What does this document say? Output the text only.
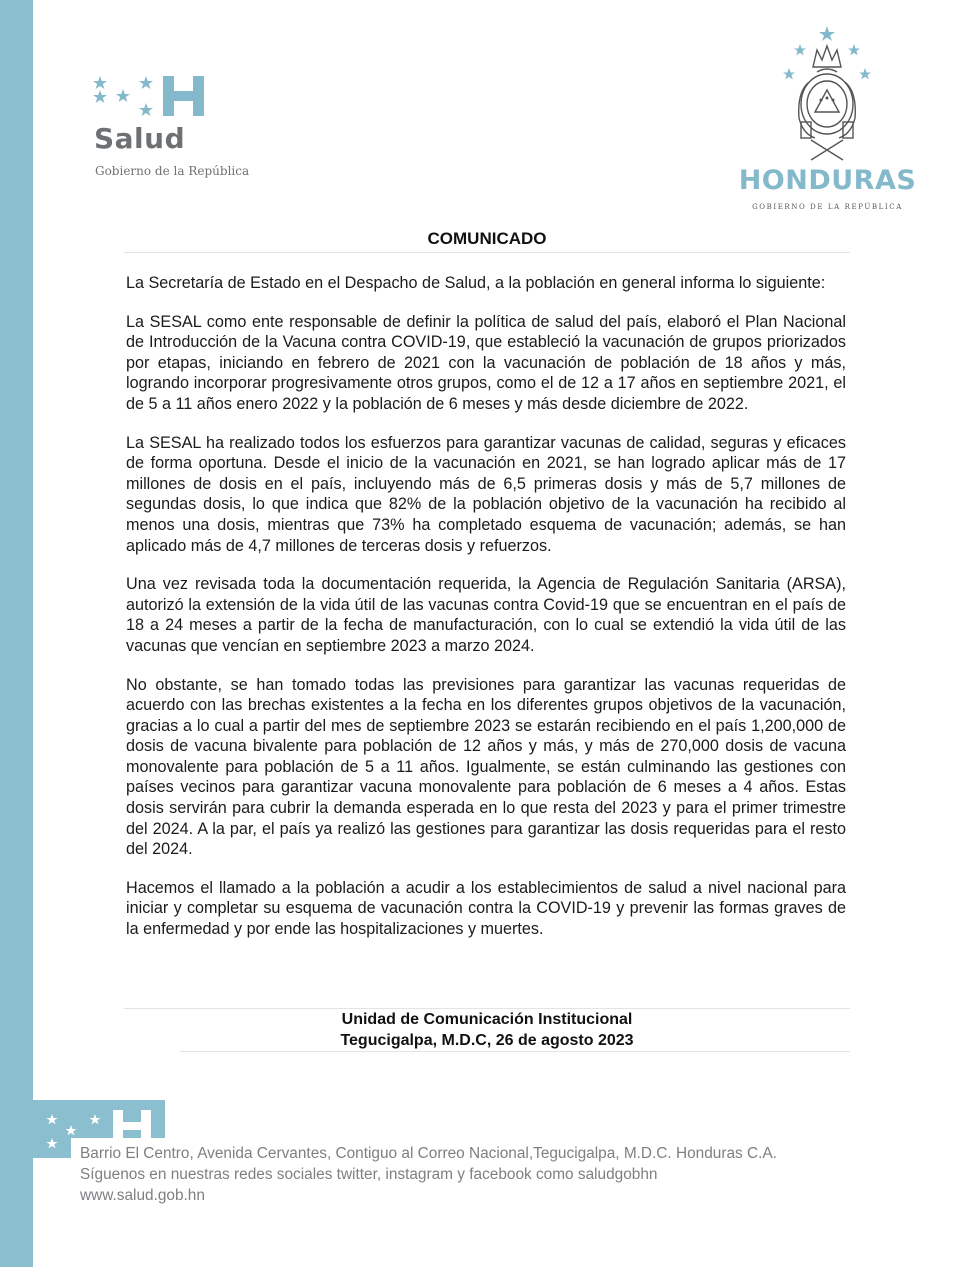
Salud
Gobierno de la República	HONDURAS
GOBIERNO DE LA REPÚBLICA
COMUNICADO

La Secretaría de Estado en el Despacho de Salud, a la población en general informa lo siguiente:

La SESAL como ente responsable de definir la política de salud del país, elaboró el Plan Nacional de Introducción de la Vacuna contra COVID-19, que estableció la vacunación de grupos priorizados por etapas, iniciando en febrero de 2021 con la vacunación de población de 18 años y más, logrando incorporar progresivamente otros grupos, como el de 12 a 17 años en septiembre 2021, el de 5 a 11 años enero 2022 y la población de 6 meses y más desde diciembre de 2022.

La SESAL ha realizado todos los esfuerzos para garantizar vacunas de calidad, seguras y eficaces de forma oportuna. Desde el inicio de la vacunación en 2021, se han logrado aplicar más de 17 millones de dosis en el país, incluyendo más de 6,5 primeras dosis y más de 5,7 millones de segundas dosis, lo que indica que 82% de la población objetivo de la vacunación ha recibido al menos una dosis, mientras que 73% ha completado esquema de vacunación; además, se han aplicado más de 4,7 millones de terceras dosis y refuerzos.

Una vez revisada toda la documentación requerida, la Agencia de Regulación Sanitaria (ARSA), autorizó la extensión de la vida útil de las vacunas contra Covid-19 que se encuentran en el país de 18 a 24 meses a partir de la fecha de manufacturación, con lo cual se extendió la vida útil de las vacunas que vencían en septiembre 2023 a marzo 2024.

No obstante, se han tomado todas las previsiones para garantizar las vacunas requeridas de acuerdo con las brechas existentes a la fecha en los diferentes grupos objetivos de la vacunación, gracias a lo cual a partir del mes de septiembre 2023 se estarán recibiendo en el país 1,200,000 de dosis de vacuna bivalente para población de 12 años y más, y más de 270,000 dosis de vacuna monovalente para población de 5 a 11 años. Igualmente, se están culminando las gestiones con países vecinos para garantizar vacuna monovalente para población de 6 meses a 4 años. Estas dosis servirán para cubrir la demanda esperada en lo que resta del 2023 y para el primer trimestre del 2024. A la par, el país ya realizó las gestiones para garantizar las dosis requeridas para el resto del 2024.

Hacemos el llamado a la población a acudir a los establecimientos de salud a nivel nacional para iniciar y completar su esquema de vacunación contra la COVID-19 y prevenir las formas graves de la enfermedad y por ende las hospitalizaciones y muertes.

Unidad de Comunicación Institucional
Tegucigalpa, M.D.C, 26 de agosto 2023
Barrio El Centro, Avenida Cervantes, Contiguo al Correo Nacional,Tegucigalpa, M.D.C. Honduras C.A.
Síguenos en nuestras redes sociales twitter, instagram y facebook como saludgobhn
www.salud.gob.hn
